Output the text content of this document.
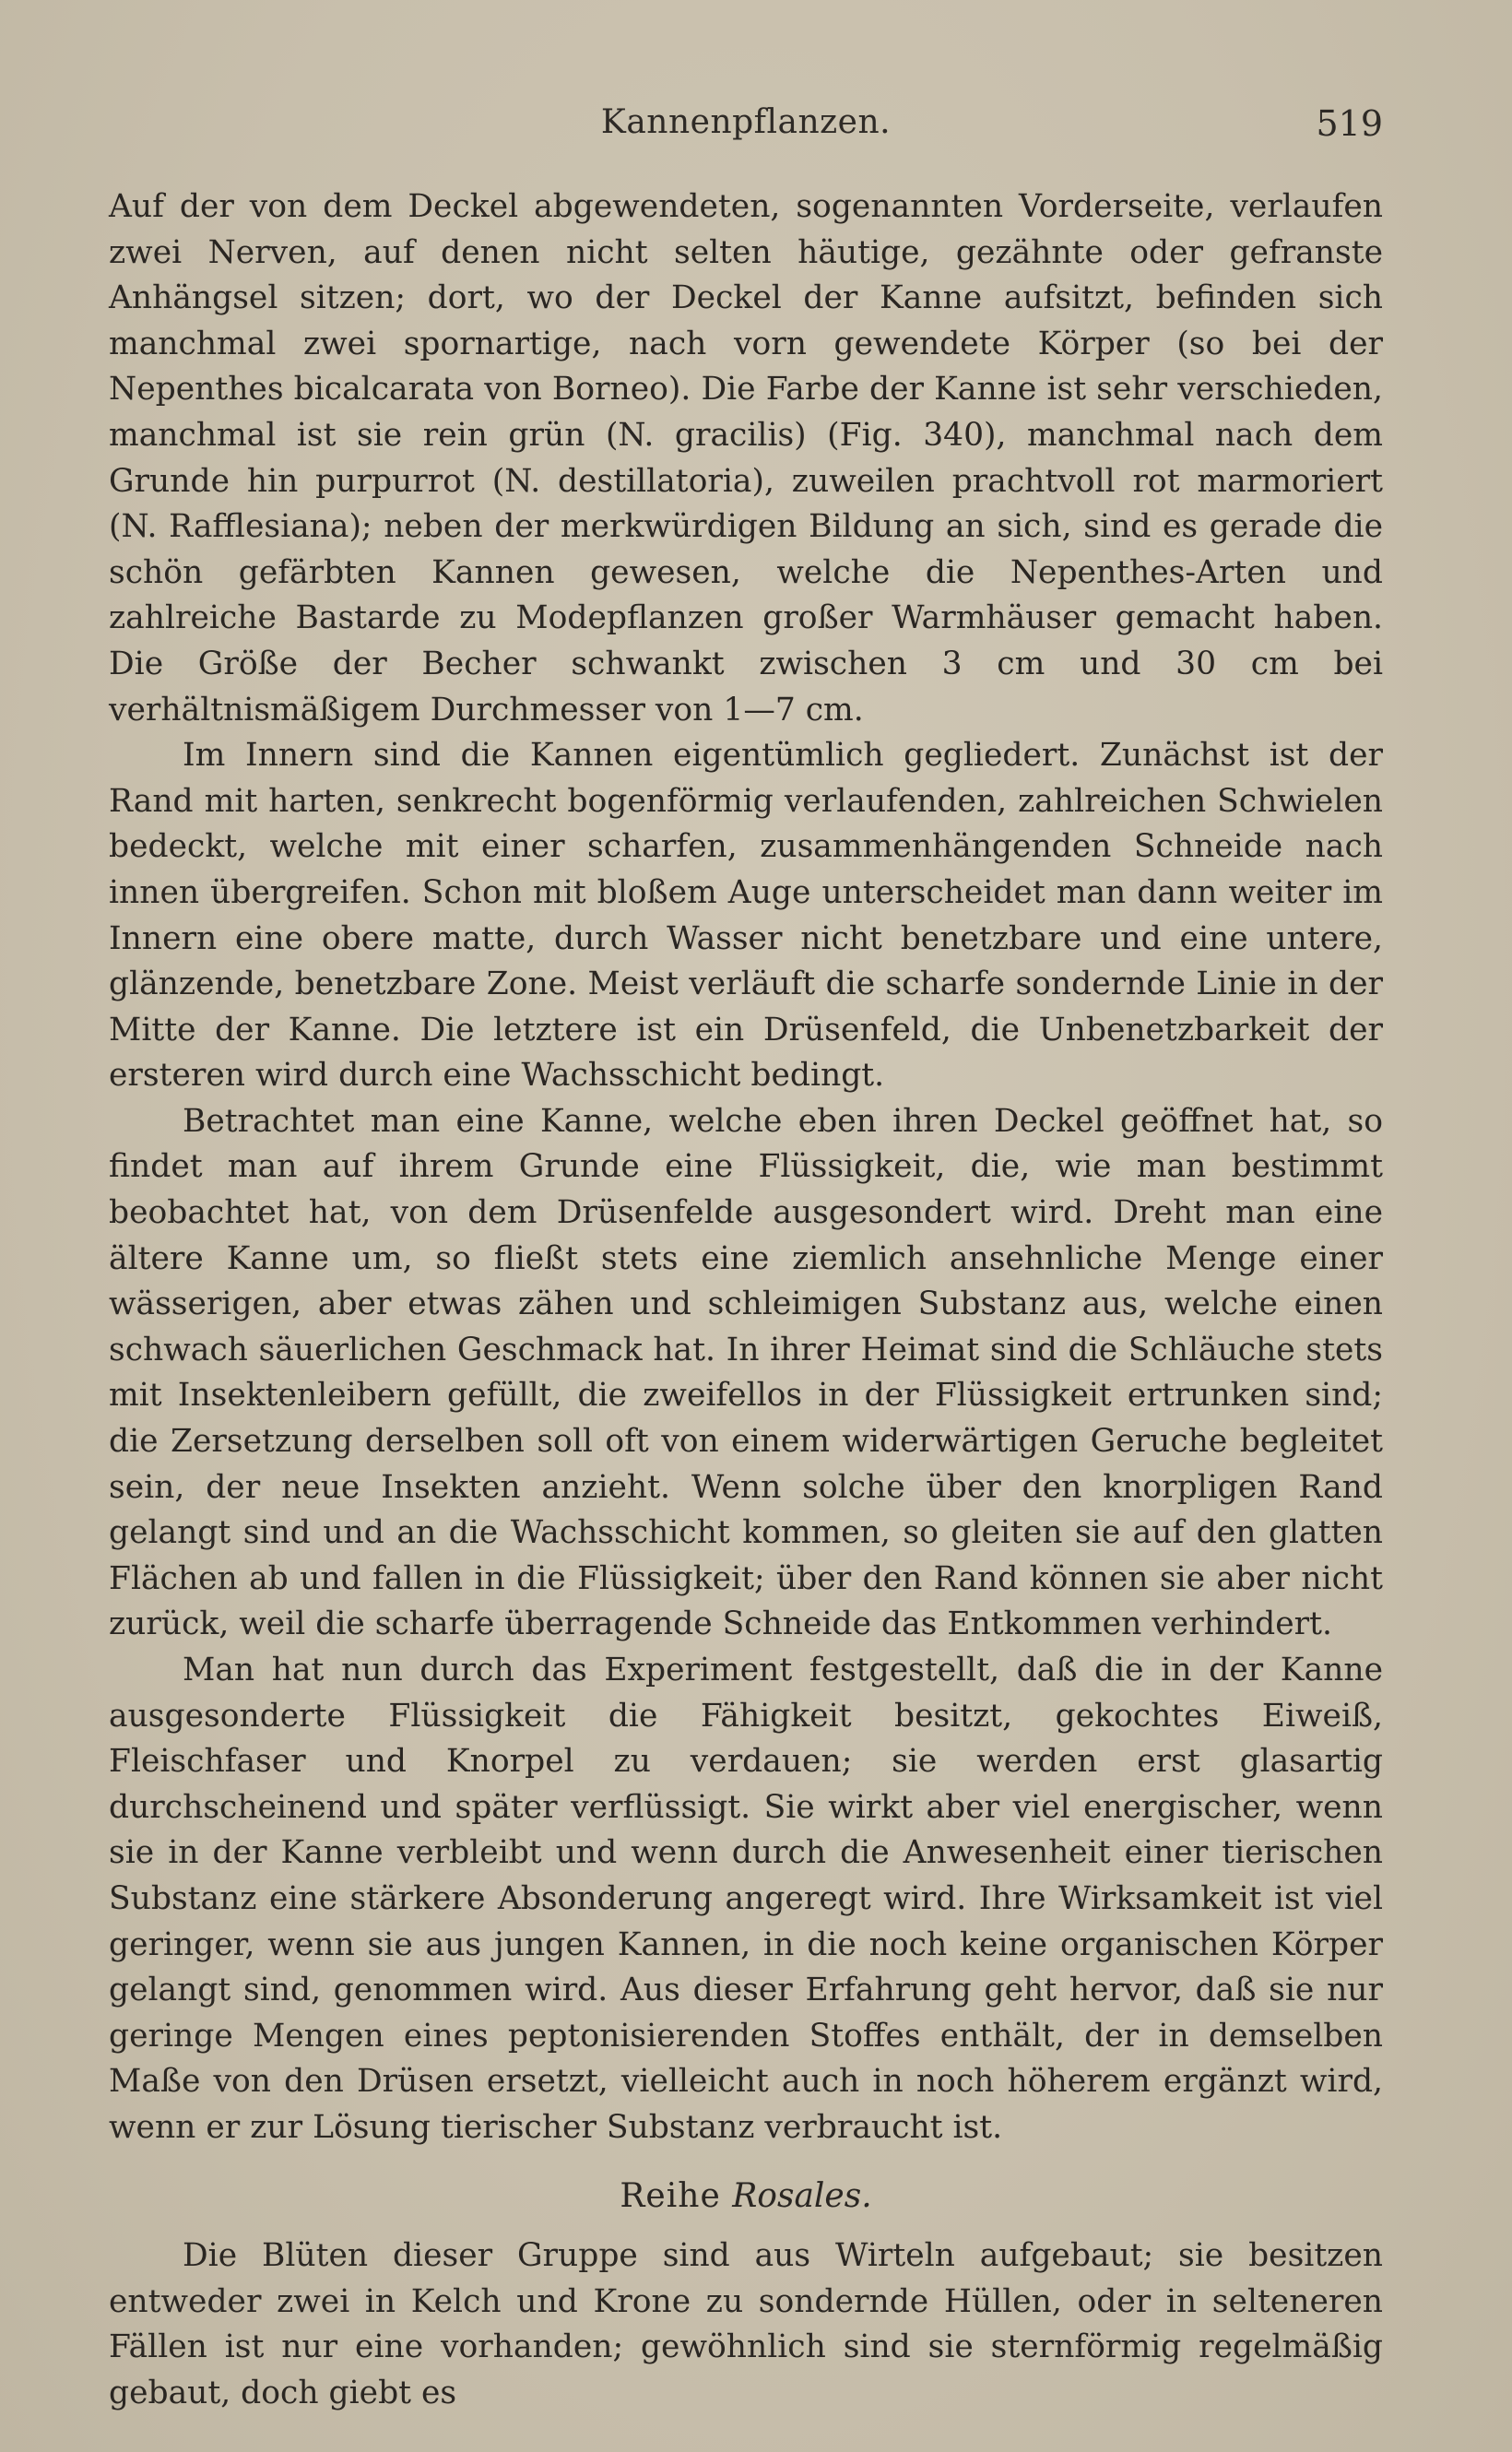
Kannenpflanzen.	519

Auf der von dem Deckel abgewendeten, sogenannten Vorderseite, verlaufen zwei Nerven, auf denen nicht selten häutige, gezähnte oder gefranste Anhängsel sitzen; dort, wo der Deckel der Kanne aufsitzt, befinden sich manchmal zwei spornartige, nach vorn gewendete Körper (so bei der Nepenthes bicalcarata von Borneo). Die Farbe der Kanne ist sehr verschieden, manchmal ist sie rein grün (N. gracilis) (Fig. 340), manchmal nach dem Grunde hin purpurrot (N. destillatoria), zuweilen prachtvoll rot marmoriert (N. Rafflesiana); neben der merkwürdigen Bildung an sich, sind es gerade die schön gefärbten Kannen gewesen, welche die Nepenthes-Arten und zahlreiche Bastarde zu Modepflanzen großer Warmhäuser gemacht haben. Die Größe der Becher schwankt zwischen 3 cm und 30 cm bei verhältnismäßigem Durchmesser von 1—7 cm.

Im Innern sind die Kannen eigentümlich gegliedert. Zunächst ist der Rand mit harten, senkrecht bogenförmig verlaufenden, zahlreichen Schwielen bedeckt, welche mit einer scharfen, zusammenhängenden Schneide nach innen übergreifen. Schon mit bloßem Auge unterscheidet man dann weiter im Innern eine obere matte, durch Wasser nicht benetzbare und eine untere, glänzende, benetzbare Zone. Meist verläuft die scharfe sondernde Linie in der Mitte der Kanne. Die letztere ist ein Drüsenfeld, die Unbenetzbarkeit der ersteren wird durch eine Wachsschicht bedingt.

Betrachtet man eine Kanne, welche eben ihren Deckel geöffnet hat, so findet man auf ihrem Grunde eine Flüssigkeit, die, wie man bestimmt beobachtet hat, von dem Drüsenfelde ausgesondert wird. Dreht man eine ältere Kanne um, so fließt stets eine ziemlich ansehnliche Menge einer wässerigen, aber etwas zähen und schleimigen Substanz aus, welche einen schwach säuerlichen Geschmack hat. In ihrer Heimat sind die Schläuche stets mit Insektenleibern gefüllt, die zweifellos in der Flüssigkeit ertrunken sind; die Zersetzung derselben soll oft von einem widerwärtigen Geruche begleitet sein, der neue Insekten anzieht. Wenn solche über den knorpligen Rand gelangt sind und an die Wachsschicht kommen, so gleiten sie auf den glatten Flächen ab und fallen in die Flüssigkeit; über den Rand können sie aber nicht zurück, weil die scharfe überragende Schneide das Entkommen verhindert.

Man hat nun durch das Experiment festgestellt, daß die in der Kanne ausgesonderte Flüssigkeit die Fähigkeit besitzt, gekochtes Eiweiß, Fleischfaser und Knorpel zu verdauen; sie werden erst glasartig durchscheinend und später verflüssigt. Sie wirkt aber viel energischer, wenn sie in der Kanne verbleibt und wenn durch die Anwesenheit einer tierischen Substanz eine stärkere Absonderung angeregt wird. Ihre Wirksamkeit ist viel geringer, wenn sie aus jungen Kannen, in die noch keine organischen Körper gelangt sind, genommen wird. Aus dieser Erfahrung geht hervor, daß sie nur geringe Mengen eines peptonisierenden Stoffes enthält, der in demselben Maße von den Drüsen ersetzt, vielleicht auch in noch höherem ergänzt wird, wenn er zur Lösung tierischer Substanz verbraucht ist.

Reihe Rosales.

Die Blüten dieser Gruppe sind aus Wirteln aufgebaut; sie besitzen entweder zwei in Kelch und Krone zu sondernde Hüllen, oder in selteneren Fällen ist nur eine vorhanden; gewöhnlich sind sie sternförmig regelmäßig gebaut, doch giebt es
